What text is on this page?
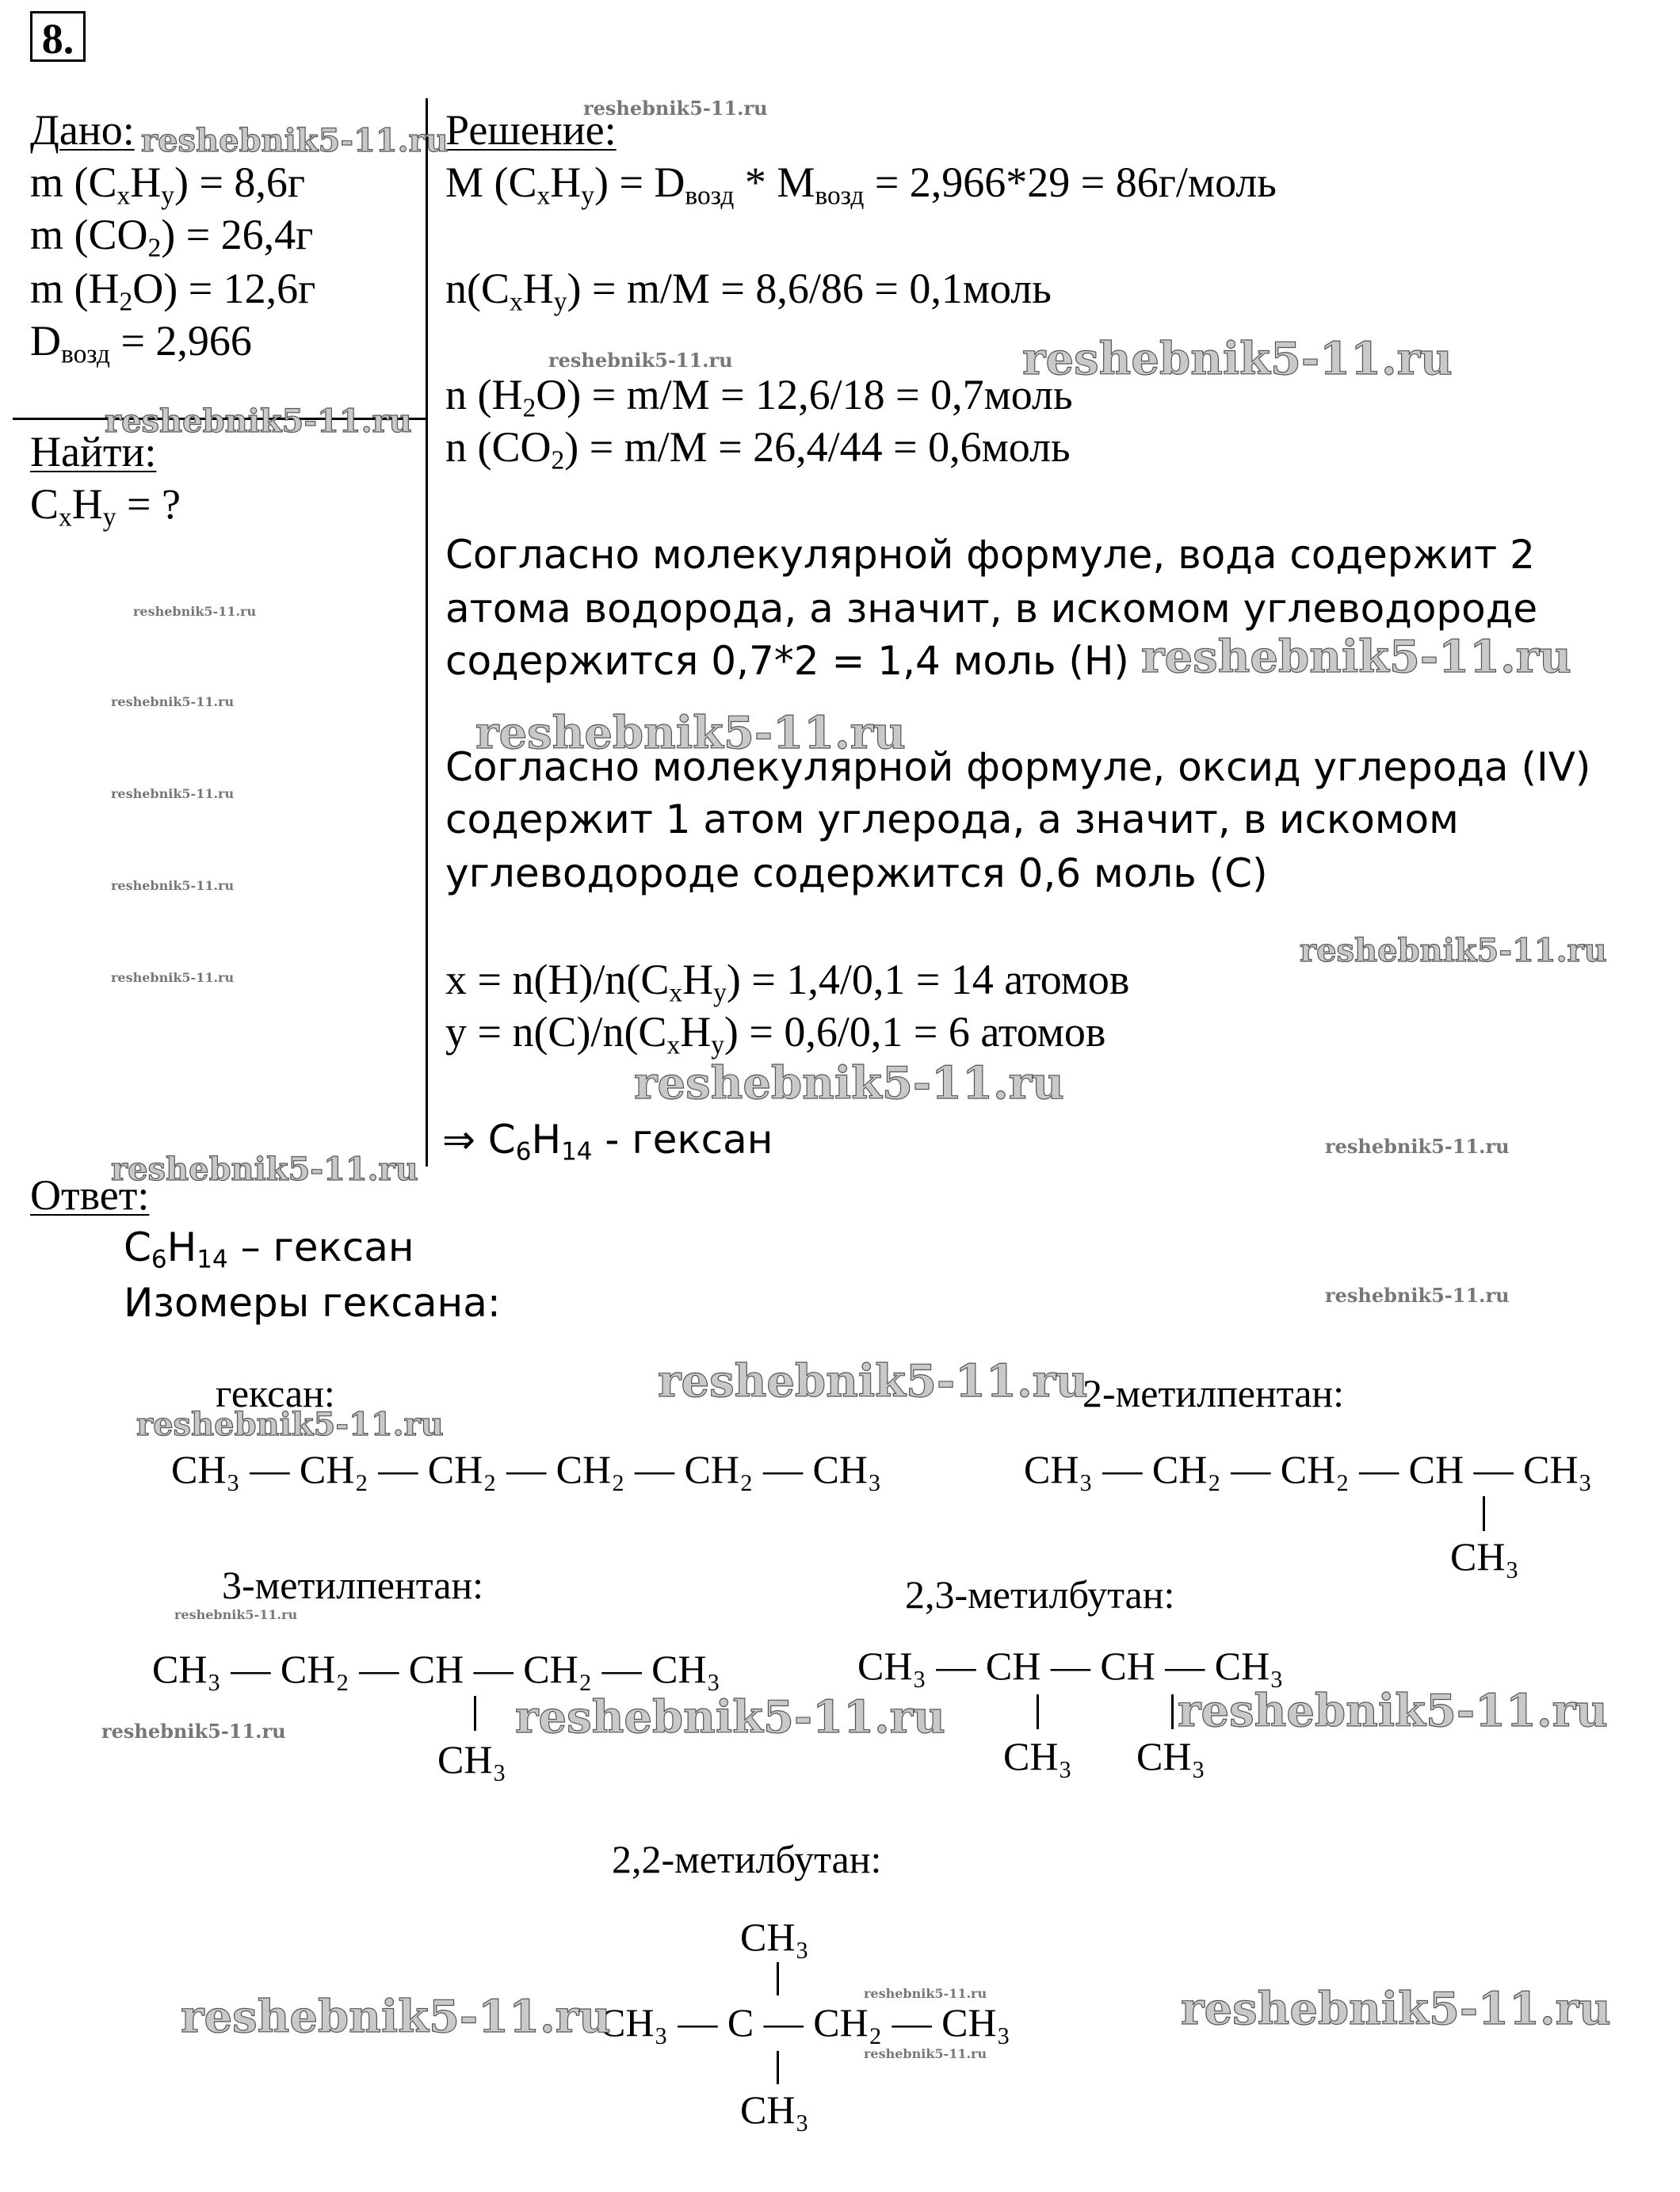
8.
Дано:
m $(C_xH_y) = 8,6г$
m $(CO_2) = 26,4г$
m $(H_2O) = 12,6г$
$D_{возд} = 2,966$
Найти:
$C_xH_y$ = ?
Решение:
M $(C_xH_y) = D_{возд} * M_{возд} = 2,966*29$ = 86г/моль
$n(C_xH_y) = m/M = 8,6/86$ = 0,1моль
n $(H_2O) = m/M = 12,6/18$ = 0,7моль
n $(CO_2) = m/M = 26,4/44$ = 0,6моль
Согласно молекулярной формуле, вода содержит 2
атома водорода, а значит, в искомом углеводороде
содержится 0,7*2 = 1,4 моль (H)
Согласно молекулярной формуле, оксид углерода (IV)
содержит 1 атом углерода, а значит, в искомом
углеводороде содержится 0,6 моль (C)
$x = n(H)/n(C_xH_y) = 1,4/0,1 = 14$ атомов
$y = n(C)/n(C_xH_y) = 0,6/0,1 = 6$ атомов
⇒ $C_6H_{14}$ - гексан
Ответ:
$C_6H_{14}$ – гексан
Изомеры гексана:
гексан:
CH₃ — CH₂ — CH₂ — CH₂ — CH₂ — CH₃
2-метилпентан:
CH₃ — CH₂ — CH₂ — CH — CH₃
CH₃
3-метилпентан:
CH₃ — CH₂ — CH — CH₂ — CH₃
CH₃
2,3-метилбутан:
CH₃ — CH — CH — CH₃
CH₃ CH₃
2,2-метилбутан:
CH₃
CH₃ — C — CH₂ — CH₃
CH₃
reshebnik5-11.ru
reshebnik5-11.ru
reshebnik5-11.ru
reshebnik5-11.ru	reshebnik5-11.ru
reshebnik5-11.ru
reshebnik5-11.ru
reshebnik5-11.ru
reshebnik5-11.ru
reshebnik5-11.ru
reshebnik5-11.ru
reshebnik5-11.ru
reshebnik5-11.ru
reshebnik5-11.ru
reshebnik5-11.ru
reshebnik5-11.ru
reshebnik5-11.ru
reshebnik5-11.ru
reshebnik5-11.ru
reshebnik5-11.ru
reshebnik5-11.ru	reshebnik5-11.ru	reshebnik5-11.ru
reshebnik5-11.ru	reshebnik5-11.ru
reshebnik5-11.ru
reshebnik5-11.ru
